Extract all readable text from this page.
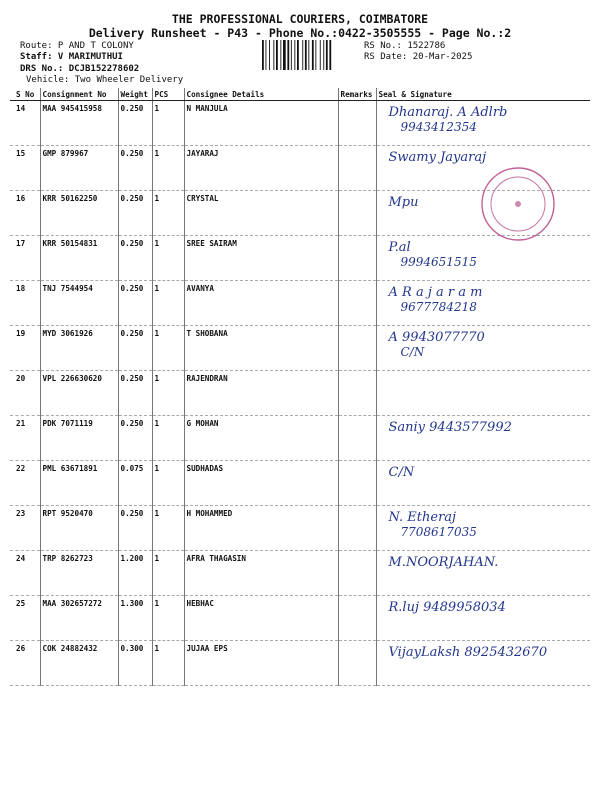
THE PROFESSIONAL COURIERS, COIMBATORE
Delivery Runsheet - P43 - Phone No.:0422-3505555 - Page No.:2
Route: P AND T COLONY
Staff: V MARIMUTHUI
DRS No.: DCJB152278602
Vehicle: Two Wheeler Delivery
RS No.: 1522786
RS Date: 20-Mar-2025
S No	Consignment No	Weight	PCS	Consignee Details	Remarks	Seal & Signature
14	MAA 945415958	0.250	1	N MANJULA		Dhanaraj. A Adlrb
9943412354

15	GMP 879967	0.250	1	JAYARAJ		Swamy Jayaraj

16	KRR 50162250	0.250	1	CRYSTAL		Mpu

17	KRR 50154831	0.250	1	SREE SAIRAM		P.al
9994651515

18	TNJ 7544954	0.250	1	AVANYA		A R a j a r a m
9677784218

19	MYD 3061926	0.250	1	T SHOBANA		A 9943077770
C/N

20	VPL 226630620	0.250	1	RAJENDRAN		

21	PDK 7071119	0.250	1	G MOHAN		Saniy 9443577992

22	PML 63671891	0.075	1	SUDHADAS		C/N

23	RPT 9520470	0.250	1	H MOHAMMED		N. Etheraj
7708617035

24	TRP 8262723	1.200	1	AFRA THAGASIN		M.NOORJAHAN.

25	MAA 302657272	1.300	1	HEBHAC		R.luj 9489958034

26	COK 24882432	0.300	1	JUJAA EPS		VijayLaksh 8925432670
